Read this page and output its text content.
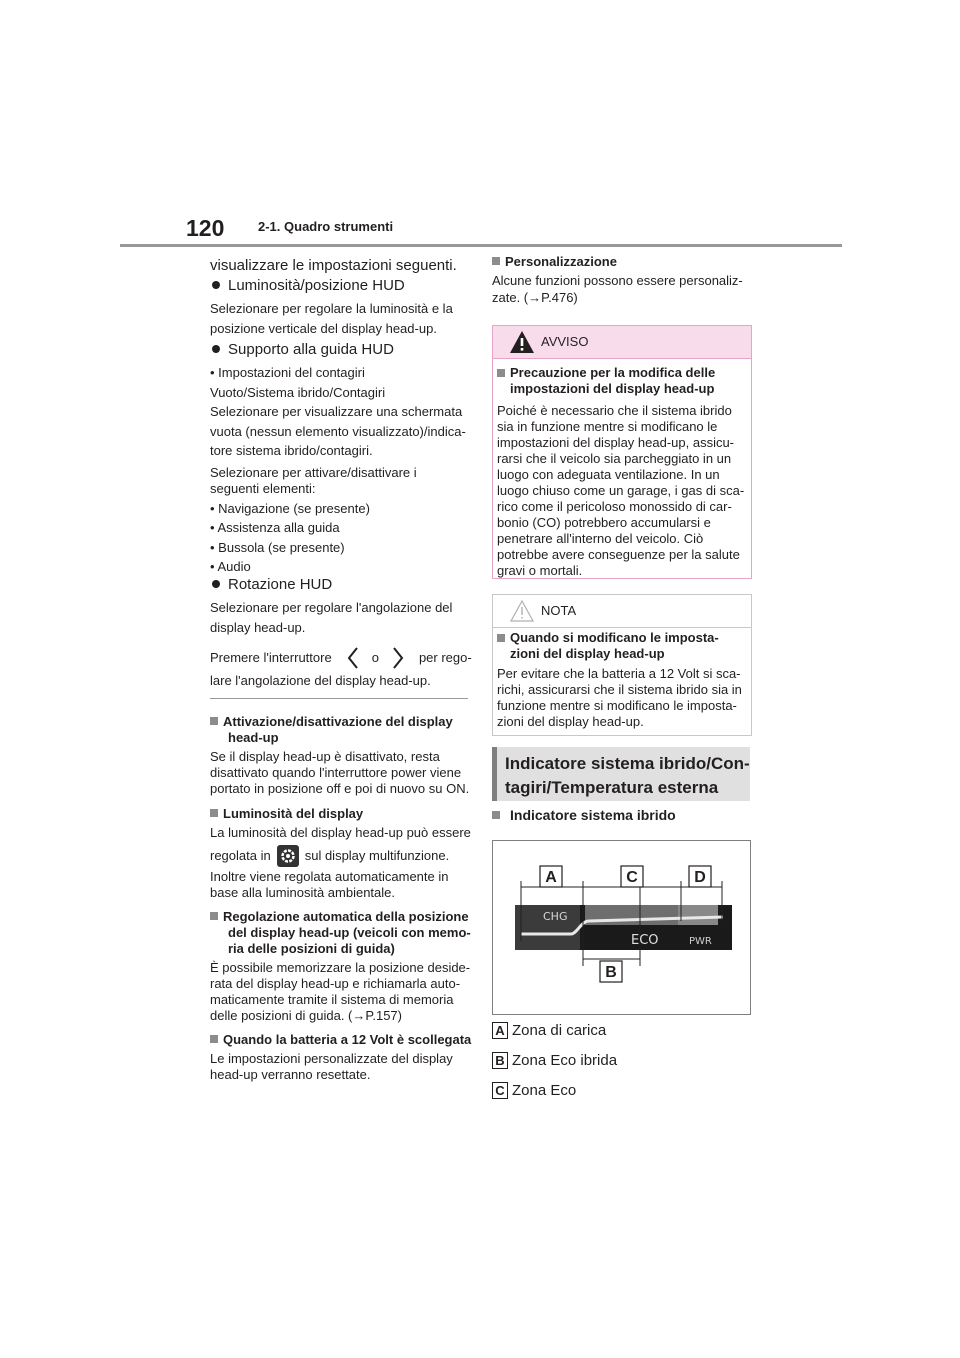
120	2-1. Quadro strumenti
visualizzare le impostazioni seguenti.
Luminosità/posizione HUD
Selezionare per regolare la luminosità e la
posizione verticale del display head-up.
Supporto alla guida HUD
• Impostazioni del contagiri
Vuoto/Sistema ibrido/Contagiri
Selezionare per visualizzare una schermata
vuota (nessun elemento visualizzato)/indica-
tore sistema ibrido/contagiri.
Selezionare per attivare/disattivare i
seguenti elementi:
• Navigazione (se presente)
• Assistenza alla guida
• Bussola (se presente)
• Audio
Rotazione HUD
Selezionare per regolare l'angolazione del
display head-up.
Premere l'interruttore	o	per rego-
lare l'angolazione del display head-up.
Attivazione/disattivazione del display
head-up
Se il display head-up è disattivato, resta
disattivato quando l'interruttore power viene
portato in posizione off e poi di nuovo su ON.
Luminosità del display
La luminosità del display head-up può essere
regolata in	sul display multifunzione.
Inoltre viene regolata automaticamente in
base alla luminosità ambientale.
Regolazione automatica della posizione
del display head-up (veicoli con memo-
ria delle posizioni di guida)
È possibile memorizzare la posizione deside-
rata del display head-up e richiamarla auto-
maticamente tramite il sistema di memoria
delle posizioni di guida. (→P.157)
Quando la batteria a 12 Volt è scollegata
Le impostazioni personalizzate del display
head-up verranno resettate.
Personalizzazione
Alcune funzioni possono essere personaliz-
zate. (→P.476)
AVVISO
Precauzione per la modifica delle
impostazioni del display head-up
Poiché è necessario che il sistema ibrido
sia in funzione mentre si modificano le
impostazioni del display head-up, assicu-
rarsi che il veicolo sia parcheggiato in un
luogo con adeguata ventilazione. In un
luogo chiuso come un garage, i gas di sca-
rico come il pericoloso monossido di car-
bonio (CO) potrebbero accumularsi e
penetrare all'interno del veicolo. Ciò
potrebbe avere conseguenze per la salute
gravi o mortali.
NOTA
Quando si modificano le imposta-
zioni del display head-up
Per evitare che la batteria a 12 Volt si sca-
richi, assicurarsi che il sistema ibrido sia in
funzione mentre si modificano le imposta-
zioni del display head-up.
Indicatore sistema ibrido/Con-
tagiri/Temperatura esterna
Indicatore sistema ibrido
A	C	D
B
CHG
ECO	PWR
A Zona di carica
B Zona Eco ibrida
C Zona Eco
